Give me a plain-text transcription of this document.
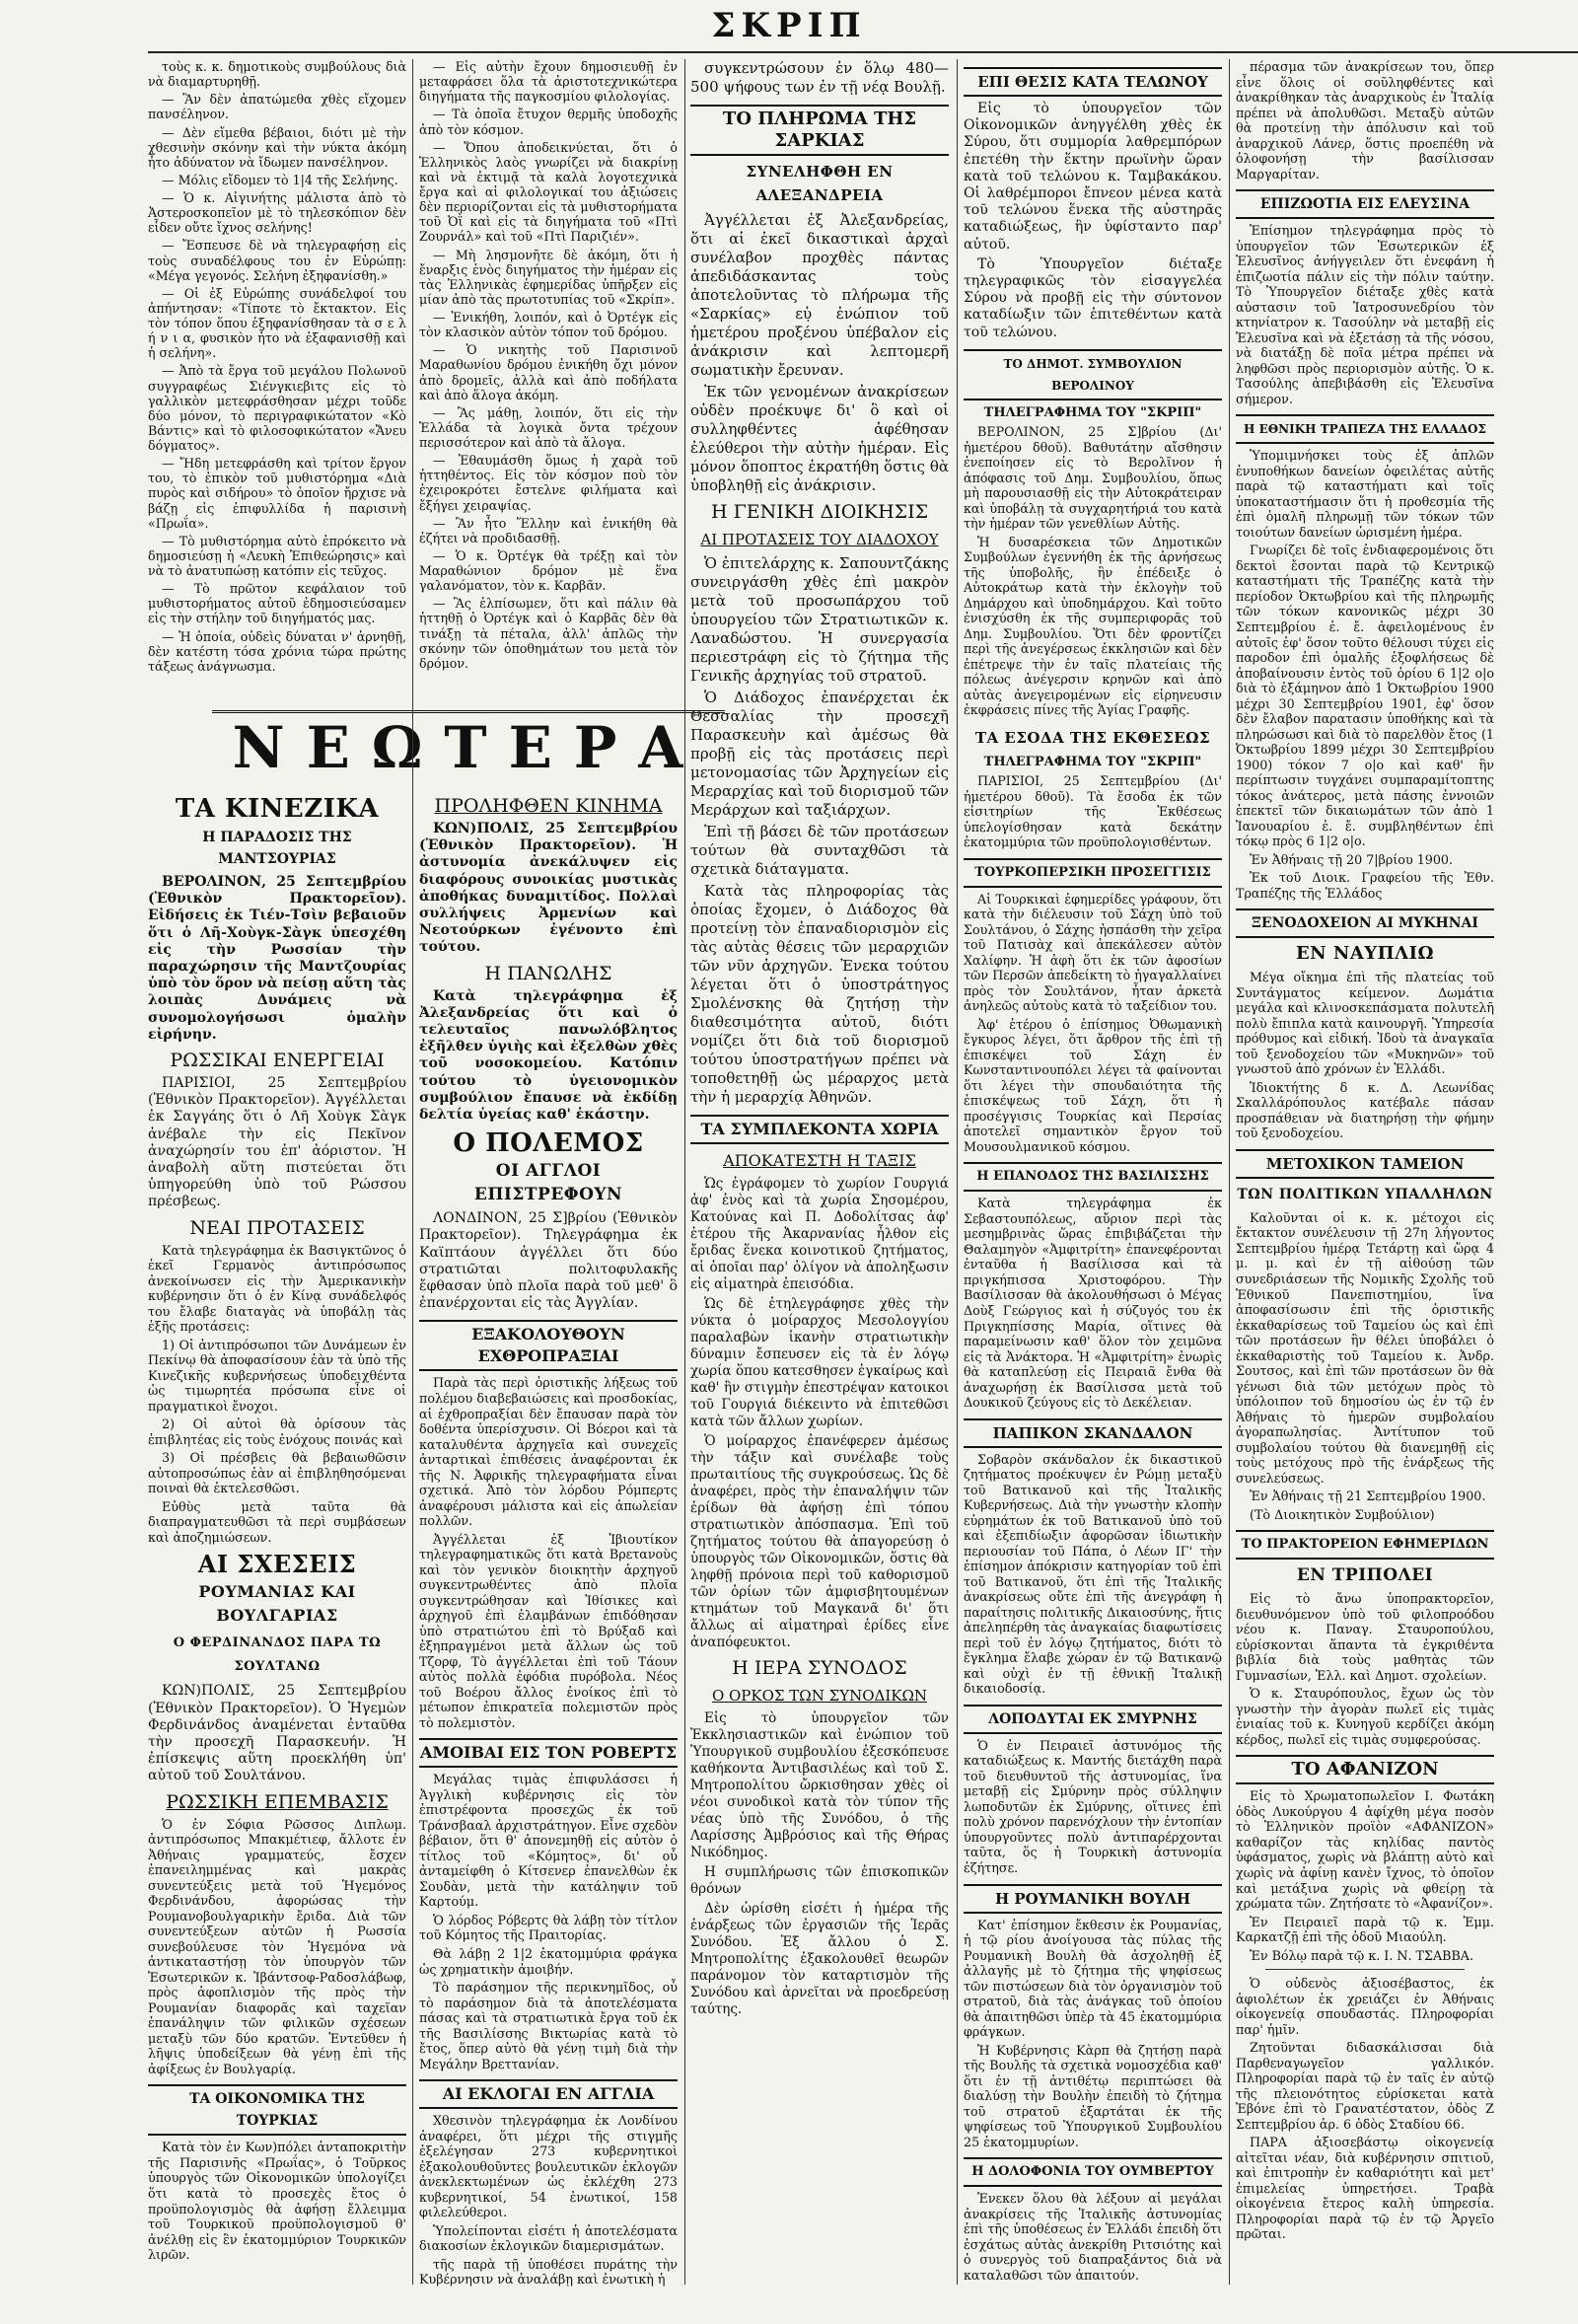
ΣΚΡΙΠ

τοὺς κ. κ. δημοτικοὺς συμβούλους διὰ νὰ διαμαρτυρηθῇ.

— Ἂν δὲν ἀπατώμεθα χθὲς εἴχομεν πανσέληνον.

— Δὲν εἴμεθα βέβαιοι, διότι μὲ τὴν χθεσινὴν σκόνην καὶ τὴν νύκτα ἀκόμη ἦτο ἀδύνατον νὰ ἴδωμεν πανσέληνον.

— Μόλις εἴδομεν τὸ 1|4 τῆς Σελήνης.

— Ὁ κ. Αἰγινήτης μάλιστα ἀπὸ τὸ Ἀστεροσκοπεῖον μὲ τὸ τηλεσκόπιον δὲν εἶδεν οὔτε ἴχνος σελήνης!

— Ἔσπευσε δὲ νὰ τηλεγραφήσῃ εἰς τοὺς συναδέλφους του ἐν Εὐρώπῃ: «Μέγα γεγονός. Σελήνη ἐξηφανίσθη.»

— Οἱ ἐξ Εὐρώπης συνάδελφοί του ἀπήντησαν: «Τίποτε τὸ ἔκτακτον. Εἰς τὸν τόπον ὅπου ἐξηφανίσθησαν τὰ σ ε λ ή ν ι α, φυσικὸν ἦτο νὰ ἐξαφανισθῇ καὶ ἡ σελήνη».

— Ἀπὸ τὰ ἔργα τοῦ μεγάλου Πολωνοῦ συγγραφέως Σιένγκιεβιτς εἰς τὸ γαλλικὸν μετεφράσθησαν μέχρι τοῦδε δύο μόνον, τὸ περιγραφικώτατον «Κὸ Βάντις» καὶ τὸ φιλοσοφικώτατον «Ἄνευ δόγματος».

— Ἤδη μετεφράσθη καὶ τρίτον ἔργον του, τὸ ἐπικὸν τοῦ μυθιστόρημα «Διὰ πυρὸς καὶ σιδήρου» τὸ ὁποῖον ἤρχισε νὰ βάζῃ εἰς ἐπιφυλλίδα ἡ παρισινὴ «Πρωΐα».

— Τὸ μυθιστόρημα αὐτὸ ἐπρόκειτο νὰ δημοσιεύσῃ ἡ «Λευκὴ Ἐπιθεώρησις» καὶ νὰ τὸ ἀνατυπώσῃ κατόπιν εἰς τεῦχος.

— Τὸ πρῶτον κεφάλαιον τοῦ μυθιστορήματος αὐτοῦ ἐδημοσιεύσαμεν εἰς τὴν στήλην τοῦ διηγήματός μας.

— Ἡ ὁποία, οὐδεὶς δύναται ν' ἀρνηθῇ, δὲν κατέστη τόσα χρόνια τώρα πρώτης τάξεως ἀνάγνωσμα.

— Εἰς αὐτὴν ἔχουν δημοσιευθῇ ἐν μεταφράσει ὅλα τὰ ἀριστοτεχνικώτερα διηγήματα τῆς παγκοσμίου φιλολογίας.

— Τὰ ὁποῖα ἔτυχον θερμῆς ὑποδοχῆς ἀπὸ τὸν κόσμον.

— Ὅπου ἀποδεικνύεται, ὅτι ὁ Ἑλληνικὸς λαὸς γνωρίζει νὰ διακρίνῃ καὶ νὰ ἐκτιμᾷ τὰ καλὰ λογοτεχνικὰ ἔργα καὶ αἱ φιλολογικαί του ἀξιώσεις δὲν περιορίζονται εἰς τὰ μυθιστορήματα τοῦ Ὀῒ καὶ εἰς τὰ διηγήματα τοῦ «Πτὶ Ζουρνάλ» καὶ τοῦ «Πτὶ Παριζιέν».

— Μὴ λησμονῆτε δὲ ἀκόμη, ὅτι ἡ ἔναρξις ἑνὸς διηγήματος τὴν ἡμέραν εἰς τὰς Ἑλληνικὰς ἐφημερίδας ὑπῆρξεν εἰς μίαν ἀπὸ τὰς πρωτοτυπίας τοῦ «Σκρίπ».

— Ἐνικήθη, λοιπόν, καὶ ὁ Ὀρτέγκ εἰς τὸν κλασικὸν αὐτὸν τόπον τοῦ δρόμου.

— Ὁ νικητὴς τοῦ Παρισινοῦ Μαραθωνίου δρόμου ἐνικήθη ὄχι μόνον ἀπὸ δρομεῖς, ἀλλὰ καὶ ἀπὸ ποδήλατα καὶ ἀπὸ ἅλογα ἀκόμη.

— Ἂς μάθῃ, λοιπόν, ὅτι εἰς τὴν Ἑλλάδα τὰ λογικὰ ὄντα τρέχουν περισσότερον καὶ ἀπὸ τὰ ἄλογα.

— Ἐθαυμάσθη ὅμως ἡ χαρὰ τοῦ ἡττηθέντος. Εἰς τὸν κόσμον ποὺ τὸν ἐχειροκρότει ἔστελνε φιλήματα καὶ ἔξήγει χειραψίας.

— Ἂν ἦτο Ἕλλην καὶ ἐνικήθη θὰ ἐζήτει νὰ προδιδασθῇ.

— Ὁ κ. Ὀρτέγκ θὰ τρέξῃ καὶ τὸν Μαραθώνιον δρόμον μὲ ἕνα γαλανόματον, τὸν κ. Καρβᾶν.

— Ἂς ἐλπίσωμεν, ὅτι καὶ πάλιν θὰ ἡττηθῇ ὁ Ὀρτέγκ καὶ ὁ Καρβᾶς δὲν θὰ τινάξῃ τὰ πέταλα, ἀλλ' ἀπλῶς τὴν σκόνην τῶν ὀποθημάτων του μετὰ τὸν δρόμον.

ΝΕΩΤΕΡΑ
ΤΑ ΚΙΝΕΖΙΚΑ
Η ΠΑΡΑΔΟΣΙΣ ΤΗΣ ΜΑΝΤΣΟΥΡΙΑΣ

ΒΕΡΟΛΙΝΟΝ, 25 Σεπτεμβρίου (Ἐθνικὸν Πρακτορεῖον). Εἰδήσεις ἐκ Τιέν-Τσὶν βεβαιοῦν ὅτι ὁ Λῆ-Χοὺγκ-Σὰγκ ὑπεσχέθη εἰς τὴν Ρωσσίαν τὴν παραχώρησιν τῆς Μαντζουρίας ὑπὸ τὸν ὅρον νὰ πείσῃ αὕτη τὰς λοιπὰς Δυνάμεις νὰ συνομολογήσωσι ὁμαλὴν εἰρήνην.

ΡΩΣΣΙΚΑΙ ΕΝΕΡΓΕΙΑΙ

ΠΑΡΙΣΙΟΙ, 25 Σεπτεμβρίου (Ἐθνικὸν Πρακτορεῖον). Ἀγγέλλεται ἐκ Σαγγάης ὅτι ὁ Λῆ Χοὺγκ Σὰγκ ἀνέβαλε τὴν εἰς Πεκῖνον ἀναχώρησίν του ἐπ' ἀόριστον. Ἡ ἀναβολὴ αὕτη πιστεύεται ὅτι ὑπηγορεύθη ὑπὸ τοῦ Ρώσσου πρέσβεως.

ΝΕΑΙ ΠΡΟΤΑΣΕΙΣ

Κατὰ τηλεγράφημα ἐκ Βασιγκτῶνος ὁ ἐκεῖ Γερμανὸς ἀντιπρόσωπος ἀνεκοίνωσεν εἰς τὴν Ἀμερικανικὴν κυβέρνησιν ὅτι ὁ ἐν Κίνᾳ συνάδελφός του ἔλαβε διαταγὰς νὰ ὑποβάλῃ τὰς ἑξῆς προτάσεις:

1) Οἱ ἀντιπρόσωποι τῶν Δυνάμεων ἐν Πεκίνῳ θὰ ἀποφασίσουν ἐὰν τὰ ὑπὸ τῆς Κινεζικῆς κυβερνήσεως ὑποδειχθέντα ὡς τιμωρητέα πρόσωπα εἶνε οἱ πραγματικοὶ ἔνοχοι.

2) Οἱ αὐτοὶ θὰ ὁρίσουν τὰς ἐπιβλητέας εἰς τοὺς ἐνόχους ποινάς καὶ

3) Οἱ πρέσβεις θὰ βεβαιωθῶσιν αὐτοπροσώπως ἐὰν αἱ ἐπιβληθησόμεναι ποιναὶ θὰ ἐκτελεσθῶσι.

Εὐθὺς μετὰ ταῦτα θὰ διαπραγματευθῶσι τὰ περὶ συμβάσεων καὶ ἀποζημιώσεων.

ΑΙ ΣΧΕΣΕΙΣ
ΡΟΥΜΑΝΙΑΣ ΚΑΙ ΒΟΥΛΓΑΡΙΑΣ
Ο ΦΕΡΔΙΝΑΝΔΟΣ ΠΑΡΑ ΤΩ ΣΟΥΛΤΑΝΩ

ΚΩΝ)ΠΟΛΙΣ, 25 Σεπτεμβρίου (Ἐθνικὸν Πρακτορεῖον). Ὁ Ἡγεμὼν Φερδινάνδος ἀναμένεται ἐνταῦθα τὴν προσεχῆ Παρασκευήν. Ἡ ἐπίσκεψις αὕτη προεκλήθη ὑπ' αὐτοῦ τοῦ Σουλτάνου.

ΡΩΣΣΙΚΗ ΕΠΕΜΒΑΣΙΣ

Ὁ ἐν Σόφια Ρῶσσος Διπλωμ. ἀντιπρόσωπος Μπακμέτιεφ, ἄλλοτε ἐν Ἀθήναις γραμματεύς, ἔσχεν ἐπανειλημμένας καὶ μακρὰς συνεντεύξεις μετὰ τοῦ Ἡγεμόνος Φερδινάνδου, ἀφορώσας τὴν Ρουμανοβουλγαρικὴν ἔριδα. Διὰ τῶν συνεντεύξεων αὐτῶν ἡ Ρωσσία συνεβούλευσε τὸν Ἡγεμόνα νὰ ἀντικαταστήσῃ τὸν ὑπουργὸν τῶν Ἐσωτερικῶν κ. Ἰβάντσοφ-Ραδοσλάβωφ, πρὸς ἀφοπλισμὸν τῆς πρὸς τὴν Ρουμανίαν διαφορᾶς καὶ ταχεῖαν ἐπανάληψιν τῶν φιλικῶν σχέσεων μεταξὺ τῶν δύο κρατῶν. Ἐντεῦθεν ἡ λῆψις ὑποδείξεων θὰ γένῃ ἐπὶ τῆς ἀφίξεως ἐν Βουλγαρίᾳ.

ΤΑ ΟΙΚΟΝΟΜΙΚΑ ΤΗΣ ΤΟΥΡΚΙΑΣ

Κατὰ τὸν ἐν Κων)πόλει ἀνταποκριτὴν τῆς Παρισινῆς «Πρωΐας», ὁ Τοῦρκος ὑπουργὸς τῶν Οἰκονομικῶν ὑπολογίζει ὅτι κατὰ τὸ προσεχὲς ἔτος ὁ προϋπολογισμὸς θὰ ἀφήσῃ ἔλλειμμα τοῦ Τουρκικοῦ προϋπολογισμοῦ θ' ἀνέλθῃ εἰς ἓν ἑκατομμύριον Τουρκικῶν λιρῶν.

ΠΡΟΛΗΦΘΕΝ ΚΙΝΗΜΑ

ΚΩΝ)ΠΟΛΙΣ, 25 Σεπτεμβρίου (Ἐθνικὸν Πρακτορεῖον). Ἡ ἀστυνομία ἀνεκάλυψεν εἰς διαφόρους συνοικίας μυστικὰς ἀποθήκας δυναμιτίδος. Πολλαὶ συλλήψεις Ἀρμενίων καὶ Νεοτούρκων ἐγένοντο ἐπὶ τούτου.

Η ΠΑΝΩΛΗΣ

Κατὰ τηλεγράφημα ἐξ Ἀλεξανδρείας ὅτι καὶ ὁ τελευταῖος πανωλόβλητος ἐξῆλθεν ὑγιὴς καὶ ἐξελθὼν χθὲς τοῦ νοσοκομείου. Κατόπιν τούτου τὸ ὑγειονομικὸν συμβούλιον ἔπαυσε νὰ ἐκδίδῃ δελτία ὑγείας καθ' ἑκάστην.

Ο ΠΟΛΕΜΟΣ
ΟΙ ΑΓΓΛΟΙ ΕΠΙΣΤΡΕΦΟΥΝ

ΛΟΝΔΙΝΟΝ, 25 Σ]βρίου (Ἐθνικὸν Πρακτορεῖον). Τηλεγράφημα ἐκ Καϊπτάουν ἀγγέλλει ὅτι δύο στρατιῶται πολιτοφυλακῆς ἔφθασαν ὑπὸ πλοῖα παρὰ τοῦ μεθ' ὃ ἐπανέρχονται εἰς τὰς Ἀγγλίαν.

ΕΞΑΚΟΛΟΥΘΟΥΝ ΕΧΘΡΟΠΡΑΞΙΑΙ

Παρὰ τὰς περὶ ὁριστικῆς λήξεως τοῦ πολέμου διαβεβαιώσεις καὶ προσδοκίας, αἱ ἐχθροπραξίαι δὲν ἔπαυσαν παρὰ τὸν δοθέντα ὑπερίσχυσιν. Οἱ Βόεροι καὶ τὰ καταλυθέντα ἀρχηγεῖα καὶ συνεχεῖς ἀνταρτικαὶ ἐπιθέσεις ἀναφέρονται ἐκ τῆς Ν. Ἀφρικῆς τηλεγραφήματα εἶναι σχετικά. Ἀπὸ τὸν λόρδου Ρόμπερτς ἀναφέρουσι μάλιστα καὶ εἰς ἀπωλείαν πολλῶν.

Ἀγγέλλεται ἐξ Ἰβιουτίκον τηλεγραφηματικῶς ὅτι κατὰ Βρετανοὺς καὶ τὸν γενικὸν διοικητὴν ἀρχηγοῦ συγκεντρωθέντες ἀπὸ πλοῖα συγκεντρώθησαν καὶ Ἰθίσικες καὶ ἀρχηγοῦ ἐπὶ ἐλαμβάνων ἐπιδόθησαν ὑπὸ στρατιώτου ἐπὶ τὸ Βρύξαδ καὶ ἐξηπραγμένοι μετὰ ἄλλων ὡς τοῦ Τζορφ, Τὸ ἀγγέλλεται ἐπὶ τοῦ Τάουν αὐτὸς πολλὰ ἐφόδια πυρόβολα. Νέος τοῦ Βοέρου ἄλλος ἐνοίκος ἐπὶ τὸ μέτωπον ἐπικρατεῖα πολεμιστῶν πρὸς τὸ πολεμιστὸν.

ΑΜΟΙΒΑΙ ΕΙΣ ΤΟΝ ΡΟΒΕΡΤΣ

Μεγάλας τιμὰς ἐπιφυλάσσει ἡ Ἀγγλικὴ κυβέρνησις εἰς τὸν ἐπιστρέφοντα προσεχῶς ἐκ τοῦ Τράνσβααλ ἀρχιστράτηγον. Εἶνε σχεδὸν βέβαιον, ὅτι θ' ἀπονεμηθῇ εἰς αὐτὸν ὁ τίτλος τοῦ «Κόμητος», δι' οὗ ἀνταμείφθη ὁ Κίτσενερ ἐπανελθὼν ἐκ Σουδὰν, μετὰ τὴν κατάληψιν τοῦ Καρτούμ.

Ὁ λόρδος Ρόβερτς θὰ λάβῃ τὸν τίτλον τοῦ Κόμητος τῆς Πραιτορίας.

Θὰ λάβῃ 2 1|2 ἑκατομμύρια φράγκα ὡς χρηματικὴν ἀμοιβήν.

Τὸ παράσημον τῆς περικνημῖδος, οὗ τὸ παράσημον διὰ τὰ ἀποτελέσματα πάσας καὶ τὰ στρατιωτικὰ ἔργα τοῦ ἐκ τῆς Βασιλίσσης Βικτωρίας κατὰ τὸ ἔτος, ὅπερ αὐτὸ θὰ γένῃ τιμὴ διὰ τὴν Μεγάλην Βρεττανίαν.

ΑΙ ΕΚΛΟΓΑΙ ΕΝ ΑΓΓΛΙΑ

Χθεσινὸν τηλεγράφημα ἐκ Λονδίνου ἀναφέρει, ὅτι μέχρι τῆς στιγμῆς ἐξελέγησαν 273 κυβερνητικοὶ ἐξακολουθοῦντες βουλευτικῶν ἐκλογῶν ἀνεκλεκτωμένων ὡς ἐκλέχθη 273 κυβερνητικοί, 54 ἐνωτικοί, 158 φιλελεύθεροι.

Ὑπολείπονται εἰσέτι ἡ ἀποτελέσματα διακοσίων ἐκλογικῶν διαμερισμάτων.

τῆς παρὰ τῇ ὑποθέσει πυράτης τὴν Κυβέρνησιν νὰ ἀναλάβῃ καὶ ἐνωτικὴ ἡ

συγκεντρώσουν ἐν ὅλῳ 480—500 ψήφους των ἐν τῇ νέᾳ Βουλῇ.

ΤΟ ΠΛΗΡΩΜΑ ΤΗΣ ΣΑΡΚΙΑΣ
ΣΥΝΕΛΗΦΘΗ ΕΝ ΑΛΕΞΑΝΔΡΕΙΑ

Ἀγγέλλεται ἐξ Ἀλεξανδρείας, ὅτι αἱ ἐκεῖ δικαστικαὶ ἀρχαὶ συνέλαβον προχθὲς πάντας ἀπεδιδάσκαντας τοὺς ἀποτελοῦντας τὸ πλήρωμα τῆς «Σαρκίας» εὐ̣ ἐνώπιον τοῦ ἡμετέρου προξένου ὑπέβαλον εἰς ἀνάκρισιν καὶ λεπτομερῆ σωματικὴν ἔρευναν.

Ἐκ τῶν γενομένων ἀνακρίσεων οὐδὲν προέκυψε δι' ὃ καὶ οἱ συλληφθέντες ἀφέθησαν ἐλεύθεροι τὴν αὐτὴν ἡμέραν. Εἰς μόνον ὅποπτος ἐκρατήθη ὅστις θὰ ὑποβληθῇ εἰς ἀνάκρισιν.

Η ΓΕΝΙΚΗ ΔΙΟΙΚΗΣΙΣ
ΑΙ ΠΡΟΤΑΣΕΙΣ ΤΟΥ ΔΙΑΔΟΧΟΥ

Ὁ ἐπιτελάρχης κ. Σαπουντζάκης συνειργάσθη χθὲς ἐπὶ μακρὸν μετὰ τοῦ προσωπάρχου τοῦ ὑπουργείου τῶν Στρατιωτικῶν κ. Λαναδώστου. Ἡ συνεργασία περιεστράφη εἰς τὸ ζήτημα τῆς Γενικῆς ἀρχηγίας τοῦ στρατοῦ.

Ὁ Διάδοχος ἐπανέρχεται ἐκ Θεσσαλίας τὴν προσεχῆ Παρασκευὴν καὶ ἀμέσως θὰ προβῇ εἰς τὰς προτάσεις περὶ μετονομασίας τῶν Ἀρχηγείων εἰς Μεραρχίας καὶ τοῦ διορισμοῦ τῶν Μεράρχων καὶ ταξιάρχων.

Ἐπὶ τῇ βάσει δὲ τῶν προτάσεων τούτων θὰ συνταχθῶσι τὰ σχετικὰ διάταγματα.

Κατὰ τὰς πληροφορίας τὰς ὁποίας ἔχομεν, ὁ Διάδοχος θὰ προτείνῃ τὸν ἐπαναδιορισμὸν εἰς τὰς αὐτὰς θέσεις τῶν μεραρχιῶν τῶν νῦν ἀρχηγῶν. Ἐνεκα τούτου λέγεται ὅτι ὁ ὑποστράτηγος Σμολένσκης θὰ ζητήσῃ τὴν διαθεσιμότητα αὐτοῦ, διότι νομίζει ὅτι διὰ τοῦ διορισμοῦ τούτου ὑποστρατήγων πρέπει νὰ τοποθετηθῇ ὡς μέραρχος μετὰ τὴν ἡ μεραρχίᾳ Ἀθηνῶν.

ΤΑ ΣΥΜΠΛΕΚΟΝΤΑ ΧΩΡΙΑ
ΑΠΟΚΑΤΕΣΤΗ Η ΤΑΞΙΣ

Ὡς ἐγράφομεν τὸ χωρίον Γουργιά ἀφ' ἑνὸς καὶ τὰ χωρία Σησομέρου, Κατούνας καὶ Π. Δοδολίτσας ἀφ' ἑτέρου τῆς Ἀκαρνανίας ἦλθον εἰς ἔριδας ἕνεκα κοινοτικοῦ ζητήματος, αἱ ὁποῖαι παρ' ὀλίγον νὰ ἀποληξωσιν εἰς αἱματηρὰ ἐπεισόδια.

Ὡς δὲ ἐτηλεγράφησε χθὲς τὴν νύκτα ὁ μοίραρχος Μεσολογγίου παραλαβὼν ἱκανὴν στρατιωτικὴν δύναμιν ἔσπευσεν εἰς τὰ ἐν λόγῳ χωρία ὅπου κατεσθησεν ἐγκαίρως καὶ καθ' ἣν στιγμὴν ἐπεστρέψαν κατοικοι τοῦ Γουργιά διέκειντο νὰ ἐπιτεθῶσι κατὰ τῶν ἄλλων χωρίων.

Ὁ μοίραρχος ἐπανέφερεν ἀμέσως τὴν τάξιν καὶ συνέλαβε τοὺς πρωταιτίους τῆς συγκρούσεως. Ὡς δὲ ἀναφέρει, πρὸς τὴν ἐπαναλήψιν τῶν ἐρίδων θὰ ἀφήσῃ ἐπὶ τόπου στρατιωτικὸν ἀπόσπασμα. Ἐπὶ τοῦ ζητήματος τούτου θὰ ἀπαγορεύσῃ ὁ ὑπουργὸς τῶν Οἰκονομικῶν, ὅστις θὰ ληφθῇ πρόνοια περὶ τοῦ καθορισμοῦ τῶν ὁρίων τῶν ἀμφισβητουμένων κτημάτων τοῦ Μαγκανᾶ δι' ὅτι ἄλλως αἱ αἱματηραὶ ἐρίδες εἶνε ἀναπόφευκτοι.

Η ΙΕΡΑ ΣΥΝΟΔΟΣ
Ο ΟΡΚΟΣ ΤΩΝ ΣΥΝΟΔΙΚΩΝ

Εἰς τὸ ὑπουργεῖον τῶν Ἐκκλησιαστικῶν καὶ ἐνώπιον τοῦ Ὑπουργικοῦ συμβουλίου ἐξεσκόπευσε καθήκοντα Ἀντιβασιλέως καὶ τοῦ Σ. Μητροπολίτου ὤρκισθησαν χθὲς οἱ νέοι συνοδικοὶ κατὰ τὸν τύπον τῆς νέας ὑπὸ τῆς Συνόδου, ὁ τῆς Λαρίσσης Ἀμβρόσιος καὶ τῆς Θήρας Νικόδημος.

Η συμπλήρωσις τῶν ἐπισκοπικῶν θρόνων

Δὲν ὡρίσθη εἰσέτι ἡ ἡμέρα τῆς ἐνάρξεως τῶν ἐργασιῶν τῆς Ἱερᾶς Συνόδου. Ἐξ ἄλλου ὁ Σ. Μητροπολίτης ἐξακολουθεῖ θεωρῶν παράνομον τὸν καταρτισμὸν τῆς Συνόδου καὶ ἀρνεῖται νὰ προεδρεύσῃ ταύτης.

ΕΠΙ ΘΕΣΙΣ ΚΑΤΑ ΤΕΛΩΝΟΥ

Εἰς τὸ ὑπουργεῖον τῶν Οἰκονομικῶν ἀνηγγέλθη χθὲς ἐκ Σύρου, ὅτι συμμορία λαθρεμπόρων ἐπετέθη τὴν ἕκτην πρωϊνὴν ὥραν κατὰ τοῦ τελώνου κ. Ταμβακάκου. Οἱ λαθρέμποροι ἔπνεον μένεα κατὰ τοῦ τελώνου ἕνεκα τῆς αὐστηρᾶς καταδιώξεως, ἣν ὑφίσταντο παρ' αὐτοῦ.

Τὸ Ὑπουργεῖον διέταξε τηλεγραφικῶς τὸν εἰσαγγελέα Σύρου νὰ προβῇ εἰς τὴν σύντονον καταδίωξιν τῶν ἐπιτεθέντων κατὰ τοῦ τελώνου.

ΤΟ ΔΗΜΟΤ. ΣΥΜΒΟΥΛΙΟΝ ΒΕΡΟΛΙΝΟΥ
ΤΗΛΕΓΡΑΦΗΜΑ ΤΟΥ "ΣΚΡΙΠ"

ΒΕΡΟΛΙΝΟΝ, 25 Σ]βρίου (Δι' ἡμετέρου δθοῦ). Βαθυτάτην αἴσθησιν ἐνεποίησεν εἰς τὸ Βερολῖνον ἡ ἀπόφασις τοῦ Δημ. Συμβουλίου, ὅπως μὴ παρουσιασθῇ εἰς τὴν Αὐτοκράτειραν καὶ ὑποβάλῃ τὰ συγχαρητήριά του κατὰ τὴν ἡμέραν τῶν γενεθλίων Αὐτῆς.

Ἡ δυσαρέσκεια τῶν Δημοτικῶν Συμβούλων ἐγεννήθη ἐκ τῆς ἀρνήσεως τῆς ὑποβολῆς, ἣν ἐπέδειξε ὁ Αὐτοκράτωρ κατὰ τὴν ἐκλογὴν τοῦ Δημάρχου καὶ ὑποδημάρχου. Καὶ τοῦτο ἐνισχύσθη ἐκ τῆς συμπεριφορᾶς τοῦ Δημ. Συμβουλίου. Ὅτι δὲν φροντίζει περὶ τῆς ἀνεγέρσεως ἐκκλησιῶν καὶ δὲν ἐπέτρεψε τὴν ἐν ταῖς πλατείαις τῆς πόλεως ἀνέγερσιν κρηνῶν καὶ ἀπὸ αὐτὰς ἀνεγειρομένων εἰς εἰρηνευσιν ἐκφράσεις πίνες τῆς Ἁγίας Γραφῆς.

ΤΑ ΕΣΟΔΑ ΤΗΣ ΕΚΘΕΣΕΩΣ
ΤΗΛΕΓΡΑΦΗΜΑ ΤΟΥ "ΣΚΡΙΠ"

ΠΑΡΙΣΙΟΙ, 25 Σεπτεμβρίου (Δι' ἡμετέρου δθοῦ). Τὰ ἔσοδα ἐκ τῶν εἰσιτηρίων τῆς Ἐκθέσεως ὑπελογίσθησαν κατὰ δεκάτην ἑκατομμύρια τῶν προϋπολογισθέντων.

ΤΟΥΡΚΟΠΕΡΣΙΚΗ ΠΡΟΣΕΓΓΙΣΙΣ

Αἱ Τουρκικαὶ ἐφημερίδες γράφουν, ὅτι κατὰ τὴν διέλευσιν τοῦ Σάχη ὑπὸ τοῦ Σουλτάνου, ὁ Σάχης ἠσπάσθη τὴν χεῖρα τοῦ Πατισὰχ καὶ ἀπεκάλεσεν αὐτὸν Χαλίφην. Ἡ ἀφὴ ὅτι ἐκ τῶν ἀφοσίων τῶν Περσῶν ἀπεδείκτη τὸ ἠγαγαλλαίνει πρὸς τὸν Σουλτάνον, ἦταν ἀρκετὰ ἀνηλεῶς αὐτοὺς κατὰ τὸ ταξείδιον του.

Ἀφ' ἑτέρου ὁ ἐπίσημος Ὀθωμανικὴ ἔγκυρος λέγει, ὅτι ἄρθρον τῆς ἐπὶ τῇ ἐπισκέψει τοῦ Σάχη ἐν Κωνσταντινουπόλει λέγει τὰ φαίνονται ὅτι λέγει τὴν σπουδαιότητα τῆς ἐπισκέψεως τοῦ Σάχη, ὅτι ἡ προσέγγισις Τουρκίας καὶ Περσίας ἀποτελεῖ σημαντικὸν ἔργον τοῦ Μουσουλμανικοῦ κόσμου.

Η ΕΠΑΝΟΔΟΣ ΤΗΣ ΒΑΣΙΛΙΣΣΗΣ

Κατὰ τηλεγράφημα ἐκ Σεβαστουπόλεως, αὔριον περὶ τὰς μεσημβρινὰς ὥρας ἐπιβιβάζεται τὴν Θαλαμηγὸν «Ἀμφιτρίτη» ἐπανεφέρονται ἐνταῦθα ἡ Βασίλισσα καὶ τὰ πριγκήπισσα Χριστοφόρου. Τὴν Βασίλισσαν θὰ ἀκολουθήσωσι ὁ Μέγας Δοὺξ Γεώργιος καὶ ἡ σύζυγός του ἐκ Πριγκηπίσσης Μαρία, οἵτινες θὰ παραμείνωσιν καθ' ὅλον τὸν χειμῶνα εἰς τὰ Ἀνάκτορα. Ἡ «Ἀμφιτρίτη» ἐνωρὶς θὰ καταπλεύσῃ εἰς Πειραιᾶ ἔνθα θὰ ἀναχωρήσῃ ἐκ Βασίλισσα μετὰ τοῦ Δουκικοῦ ζεύγους εἰς τὸ Δεκέλειαν.

ΠΑΠΙΚΟΝ ΣΚΑΝΔΑΛΟΝ

Σοβαρὸν σκάνδαλον ἐκ δικαστικοῦ ζητήματος προέκυψεν ἐν Ρώμῃ μεταξὺ τοῦ Βατικανοῦ καὶ τῆς Ἰταλικῆς Κυβερνήσεως. Διὰ τὴν γνωστὴν κλοπὴν εὐρημάτων ἐκ τοῦ Βατικανοῦ ὑπὸ τοῦ καὶ ἐξεπιδίωξιν ἀφορῶσαν ἰδιωτικὴν περιουσίαν τοῦ Πάπα, ὁ Λέων ΙΓ' τὴν ἐπίσημον ἀπόκρισιν κατηγορίαν τοῦ ἐπὶ τοῦ Βατικανοῦ, ὅτι ἐπὶ τῆς Ἰταλικῆς ἀνακρίσεως οὔτε ἐπὶ τῆς ἀνεγράφη ἡ παραίτησις πολιτικῆς Δικαιοσύνης, ἥτις ἀπεληπέρθη τὰς ἀναγκαίας διαφωτίσεις περὶ τοῦ ἐν λόγῳ ζητήματος, διότι τὸ ἔγκλημα ἔλαβε χώραν ἐν τῷ Βατικανῷ καὶ οὐχὶ ἐν τῇ ἐθνικῇ Ἰταλικῇ δικαιοδοσίᾳ.

ΛΟΠΟΔΥΤΑΙ ΕΚ ΣΜΥΡΝΗΣ

Ὁ ἐν Πειραιεῖ ἀστυνόμος τῆς καταδιώξεως κ. Μαντής διετάχθη παρὰ τοῦ διευθυντοῦ τῆς ἀστυνομίας, ἵνα μεταβῇ εἰς Σμύρνην πρὸς σύλληψιν λωποδυτῶν ἐκ Σμύρνης, οἵτινες ἐπὶ πολὺ χρόνον παρενόχλουν τὴν ἐντοπίαν ὑπουργοῦντες πολὺ ἀντιπαρέρχονται ταῦτα, ὅς ἡ Τουρκικὴ ἀστυνομία ἐζήτησε.

Η ΡΟΥΜΑΝΙΚΗ ΒΟΥΛΗ

Κατ' ἐπίσημον ἔκθεσιν ἐκ Ρουμανίας, ἡ τῷ ρίου ἀνοίγουσα τὰς πύλας τῆς Ρουμανικὴ Βουλὴ θὰ ἀσχοληθῇ ἐξ ἀλλαγῆς μὲ τὸ ζήτημα τῆς ψηφίσεως τῶν πιστώσεων διὰ τὸν ὀργανισμὸν τοῦ στρατοῦ, διὰ τὰς ἀνάγκας τοῦ ὁποίου θὰ ἀπαιτηθῶσι ὑπὲρ τὰ 45 ἑκατομμύρια φράγκων.

Ἡ Κυβέρνησις Κὰρπ θὰ ζητήσῃ παρὰ τῆς Βουλῆς τὰ σχετικὰ νομοσχέδια καθ' ὅτι ἐν τῇ ἀντιθέτῳ περιπτώσει θὰ διαλύσῃ τὴν Βουλὴν ἐπειδὴ τὸ ζήτημα τοῦ στρατοῦ ἐξαρτάται ἐκ τῆς ψηφίσεως τοῦ Ὑπουργικοῦ Συμβουλίου 25 ἑκατομμυρίων.

Η ΔΟΛΟΦΟΝΙΑ ΤΟΥ ΟΥΜΒΕΡΤΟΥ

Ἐνεκεν ὅλου θὰ λέξουν αἱ μεγάλαι ἀνακρίσεις τῆς Ἰταλικῆς ἀστυνομίας ἐπὶ τῆς ὑποθέσεως ἐν Ἑλλάδι ἐπειδὴ ὅτι ἐσχάτως αὐτὰς ἀνεκρίθη Ριτσιότης καὶ ὁ συνεργὸς τοῦ διαπραξάντος διὰ νὰ καταλαθῶσι τῶν ἀπαιτούν.

πέρασμα τῶν ἀνακρίσεων του, ὅπερ εἶνε ὅλοις οἱ σοῦληφθέντες καὶ ἀνακρίθηκαν τὰς ἀναρχικοὺς ἐν Ἰταλίᾳ πρέπει νὰ ἀπολυθῶσι. Μεταξὺ αὐτῶν θὰ προτείνῃ τὴν ἀπόλυσιν καὶ τοῦ ἀναρχικοῦ Λάνερ, ὅστις προεπέθη νὰ ὁλοφονήσῃ τὴν βασίλισσαν Μαργαρίταν.

ΕΠΙΖΩΟΤΙΑ ΕΙΣ ΕΛΕΥΣΙΝΑ

Ἐπίσημον τηλεγράφημα πρὸς τὸ ὑπουργεῖον τῶν Ἐσωτερικῶν ἐξ Ἐλευσῖνος ἀνήγγειλεν ὅτι ἐνεφάνη ἡ ἐπιζωοτία πάλιν εἰς τὴν πόλιν ταύτην. Τὸ Ὑπουργεῖον διέταξε χθὲς κατὰ αὐστασιν τοῦ Ἰατροσυνεδρίου τὸν κτηνίατρον κ. Τασούλην νὰ μεταβῇ εἰς Ἐλευσῖνα καὶ νὰ ἐξετάσῃ τὰ τῆς νόσου, νὰ διατάξῃ δὲ ποῖα μέτρα πρέπει νὰ ληφθῶσι πρὸς περιορισμὸν αὐτῆς. Ὁ κ. Τασούλης ἀπεβιβάσθη εἰς Ἐλευσῖνα σήμερον.

Η ΕΘΝΙΚΗ ΤΡΑΠΕΖΑ ΤΗΣ ΕΛΛΑΔΟΣ

Ὑπομιμνήσκει τοὺς ἐξ ἁπλῶν ἐνυποθήκων δανείων ὀφειλέτας αὐτῆς παρὰ τῷ καταστήματι καὶ τοῖς ὑποκαταστήμασιν ὅτι ἡ προθεσμία τῆς ἐπὶ ὁμαλῆ πληρωμῇ τῶν τόκων τῶν τοιούτων δανείων ὡρισμένη ἡμέρα.

Γνωρίζει δὲ τοῖς ἐνδιαφερομένοις ὅτι δεκτοὶ ἔσονται παρὰ τῷ Κεντρικῷ καταστήματι τῆς Τραπέζης κατὰ τὴν περίοδον Ὀκτωβρίου καὶ τῆς πληρωμῆς τῶν τόκων κανονικῶς μέχρι 30 Σεπτεμβρίου ἐ. ἔ. ἀφειλομένους ἐν αὐτοῖς ἐφ' ὅσον τοῦτο θέλουσι τύχει εἰς παροδον ἐπὶ ὁμαλῆς ἐξοφλήσεως δὲ ἀποβαίνουσιν ἐντὸς τοῦ ὁρίου 6 1|2 ο|ο διὰ τὸ ἑξάμηνον ἀπὸ 1 Ὀκτωβρίου 1900 μέχρι 30 Σεπτεμβρίου 1901, ἐφ' ὅσον δὲν ἔλαβον παρατασιν ὑποθήκης καὶ τὰ πληρώσωσι καὶ διὰ τὸ παρελθὸν ἔτος (1 Ὀκτωβρίου 1899 μέχρι 30 Σεπτεμβρίου 1900) τόκον 7 ο|ο καὶ καθ' ἣν περίπτωσιν τυγχάνει συμπαραμίτοπτης τόκος ἀνάτερος, μετὰ πάσης ἐννοιῶν ἐπεκτεῖ τῶν δικαιωμάτων τῶν ἀπὸ 1 Ἰανουαρίου ἐ. ἔ. συμβληθέντων ἐπὶ τόκῳ πρὸς 6 1|2 ο|ο.

Ἐν Ἀθήναις τῇ 20 7|βρίου 1900.

Ἐκ τοῦ Διοικ. Γραφείου τῆς Ἐθν. Τραπέζης τῆς Ἑλλάδος

ΞΕΝΟΔΟΧΕΙΟΝ ΑΙ ΜΥΚΗΝΑΙ
ΕΝ ΝΑΥΠΛΙΩ

Μέγα οἴκημα ἐπὶ τῆς πλατείας τοῦ Συντάγματος κείμενον. Δωμάτια μεγάλα καὶ κλινοσκεπάσματα πολυτελῆ πολὺ ἔπιπλα κατὰ καινουργῆ. Ὑπηρεσία πρόθυμος καὶ εἰδική. Ἰδοὺ τὰ ἀναγκαῖα τοῦ ξενοδοχείου τῶν «Μυκηνῶν» τοῦ γνωστοῦ ἀπὸ χρόνων ἐν Ἑλλάδι.

Ἰδιοκτήτης δ κ. Δ. Λεωνίδας Σκαλλάρόπουλος κατέβαλε πάσαν προσπάθειαν νὰ διατηρήσῃ τὴν φήμην τοῦ ξενοδοχείου.

ΜΕΤΟΧΙΚΟΝ ΤΑΜΕΙΟΝ
ΤΩΝ ΠΟΛΙΤΙΚΩΝ ΥΠΑΛΛΗΛΩΝ

Καλοῦνται οἱ κ. κ. μέτοχοι εἰς ἔκτακτον συνέλευσιν τῇ 27η λήγοντος Σεπτεμβρίου ἡμέρᾳ Τετάρτῃ καὶ ὥρᾳ 4 μ. μ. καὶ ἐν τῇ αἰθούσῃ τῶν συνεδριάσεων τῆς Νομικῆς Σχολῆς τοῦ Ἐθνικοῦ Πανεπιστημίου, ἵνα ἀποφασίσωσιν ἐπὶ τῆς ὁριστικῆς ἐκκαθαρίσεως τοῦ Ταμείου ὡς καὶ ἐπὶ τῶν προτάσεων ἣν θέλει ὑποβάλει ὁ ἐκκαθαριστὴς τοῦ Ταμείου κ. Ἀνδρ. Σουτσος, καὶ ἐπὶ τῶν προτάσεων ὃν θὰ γένωσι διὰ τῶν μετόχων πρὸς τὸ ὑπόλοιπον τοῦ δημοσίου ὡς ἐν τῷ ἐν Ἀθήναις τὸ ἡμερῶν συμβολαίου ἀγοραπωλησίας. Ἀντίτυπον τοῦ συμβολαίου τούτου θὰ διανεμηθῇ εἰς τοὺς μετόχους πρὸ τῆς ἐνάρξεως τῆς συνελεύσεως.

Ἐν Ἀθήναις τῇ 21 Σεπτεμβρίου 1900.

(Τὸ Διοικητικὸν Συμβούλιον)

ΤΟ ΠΡΑΚΤΟΡΕΙΟΝ ΕΦΗΜΕΡΙΔΩΝ
ΕΝ ΤΡΙΠΟΛΕΙ

Εἰς τὸ ἄνω ὑποπρακτορεῖον, διευθυνόμενον ὑπὸ τοῦ φιλοπροόδου νέου κ. Παναγ. Σταυροπούλου, εὑρίσκονται ἅπαντα τὰ ἐγκριθέντα βιβλία διὰ τοὺς μαθητὰς τῶν Γυμνασίων, Ἑλλ. καὶ Δημοτ. σχολείων.

Ὁ κ. Σταυρόπουλος, ἔχων ὡς τὸν γνωστὴν τὴν ἀγορὰν πωλεῖ εἰς τιμὰς ἑνιαίας τοῦ κ. Κυνηγοῦ κερδίζει ἀκόμη κέρδος, πωλεῖ εἰς τιμὰς συμφερούσας.

ΤΟ ΑΦΑΝΙΖΟΝ

Εἰς τὸ Χρωματοπωλεῖον Ι. Φωτάκη ὁδὸς Λυκούργου 4 ἀφίχθη μέγα ποσὸν τὸ Ἑλληνικὸν προϊὸν «ΑΦΑΝΙΖΟΝ» καθαρίζον τὰς κηλίδας παντὸς ὑφάσματος, χωρὶς νὰ βλάπτῃ αὐτὸ καὶ χωρὶς νὰ ἀφίνῃ κανὲν ἴχνος, τὸ ὁποῖον καὶ μετάξινα χωρὶς νὰ φθείρῃ τὰ χρώματα τῶν. Ζητήσατε τὸ «Ἀφανίζον».

Ἐν Πειραιεῖ παρὰ τῷ κ. Ἐμμ. Καρκατζῇ ἐπὶ τῆς ὁδοῦ Μιαούλη.

Ἐν Βόλῳ παρὰ τῷ κ. Ι. Ν. ΤΣΑΒΒΑ.

Ὁ οὐδενὸς ἀξιοσέβαστος, ἐκ ἀφιολέτων ἐκ χρειάζει ἐν Ἀθήναις οἰκογενείᾳ σπουδαστάς. Πληροφορίαι παρ' ἡμῖν.

Ζητοῦνται διδασκάλισσαι διὰ Παρθεναγωγεῖον γαλλικόν. Πληροφορίαι παρὰ τῷ ἐν ταῖς ἐν αὐτῷ τῆς πλειονότητος εὑρίσκεται κατὰ Ἐβόνε ἐπὶ τὸ Γρανατέστατον, ὁδὸς Ζ Σεπτεμβρίου ἀρ. 6 ὁδὸς Σταδίου 66.

ΠΑΡΑ ἀξιοσεβάστῳ οἰκογενείᾳ αἰτεῖται νέαν, διὰ κυβέρνησιν σπιτιοῦ, καὶ ἐπιτροπὴν ἐν καθαριότητι καὶ μετ' ἐπιμελείας ὑπηρετήσει. Τραβὰ οἰκογένεια ἔτερος καλὴ ὑπηρεσία. Πληροφορίαι παρὰ τῷ ἐν τῷ Ἀργεῖο πρῶται.
